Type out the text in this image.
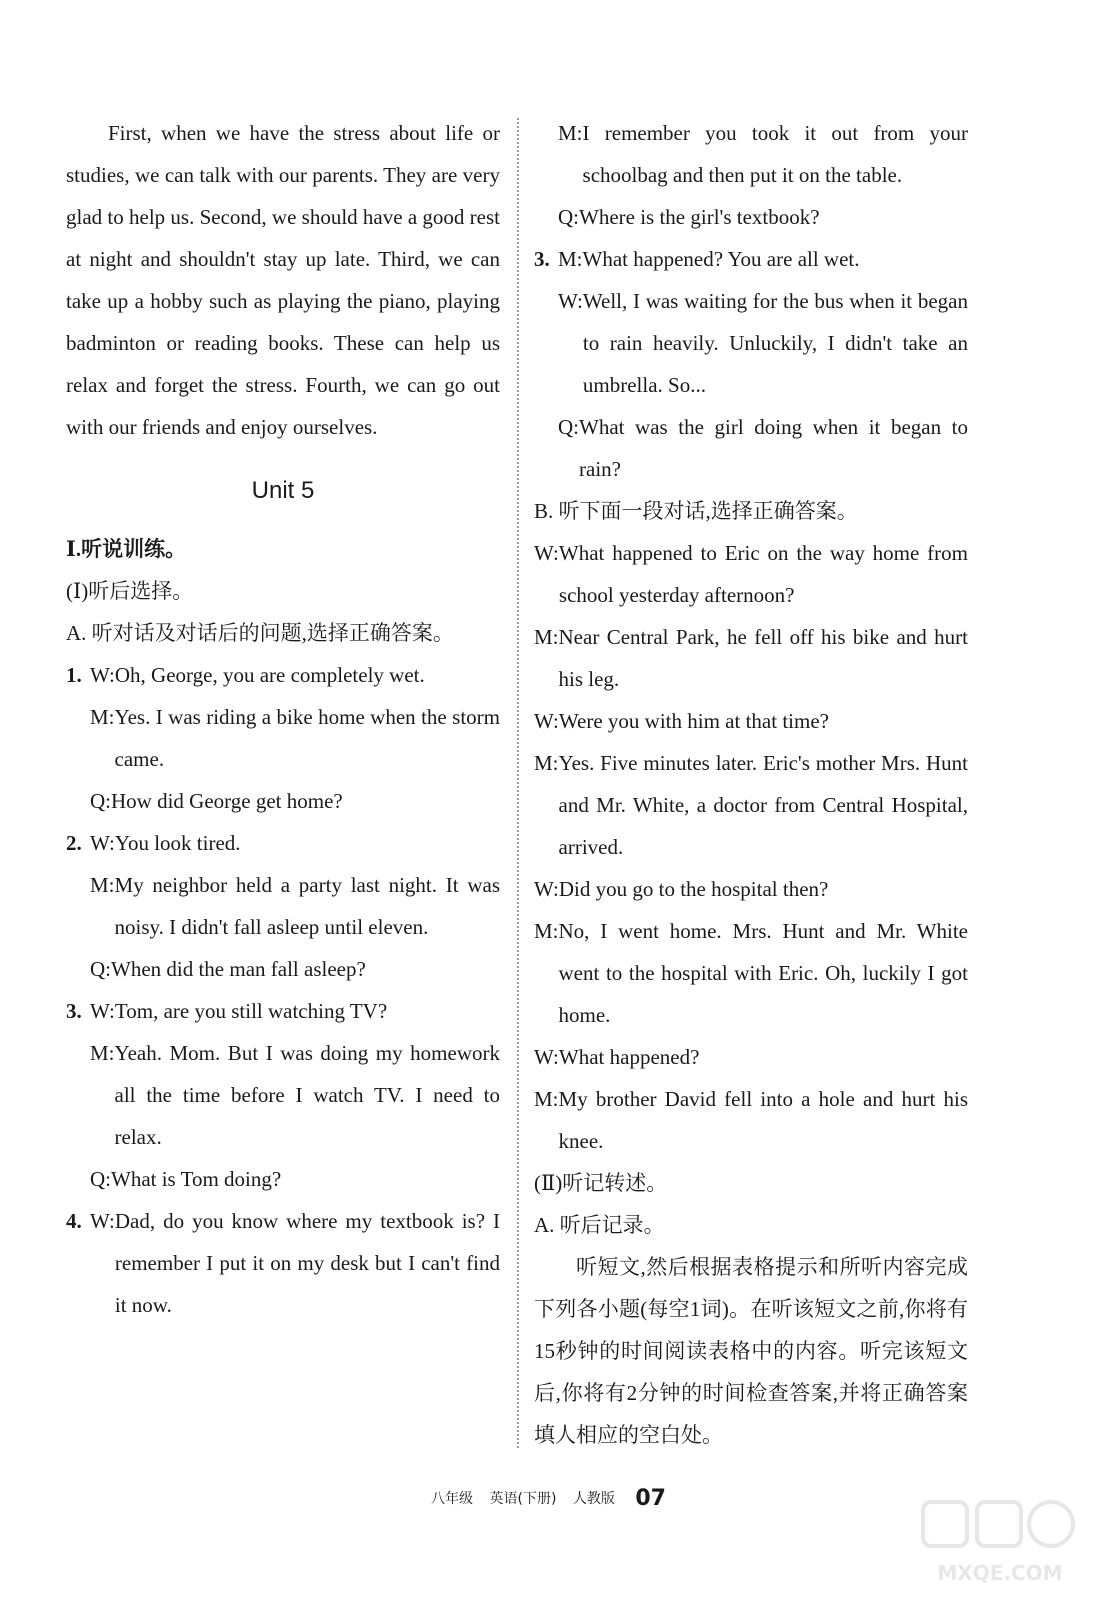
First, when we have the stress about life or studies, we can talk with our parents. They are very glad to help us. Second, we should have a good rest at night and shouldn't stay up late. Third, we can take up a hobby such as playing the piano, playing badminton or reading books. These can help us relax and forget the stress. Fourth, we can go out with our friends and enjoy ourselves.

Unit 5
Ⅰ.听说训练。
(Ⅰ)听后选择。
A. 听对话及对话后的问题,选择正确答案。
1. W: Oh, George, you are completely wet.
M: Yes. I was riding a bike home when the storm came.
Q: How did George get home?
2. W: You look tired.
M: My neighbor held a party last night. It was noisy. I didn't fall asleep until eleven.
Q: When did the man fall asleep?
3. W: Tom, are you still watching TV?
M: Yeah. Mom. But I was doing my homework all the time before I watch TV. I need to relax.
Q: What is Tom doing?
4. W: Dad, do you know where my textbook is? I remember I put it on my desk but I can't find it now.
M: I remember you took it out from your schoolbag and then put it on the table.
Q: Where is the girl's textbook?
3. M: What happened? You are all wet.
W: Well, I was waiting for the bus when it began to rain heavily. Unluckily, I didn't take an umbrella. So...
Q: What was the girl doing when it began to rain?
B. 听下面一段对话,选择正确答案。
W: What happened to Eric on the way home from school yesterday afternoon?
M: Near Central Park, he fell off his bike and hurt his leg.
W: Were you with him at that time?
M: Yes. Five minutes later. Eric's mother Mrs. Hunt and Mr. White, a doctor from Central Hospital, arrived.
W: Did you go to the hospital then?
M: No, I went home. Mrs. Hunt and Mr. White went to the hospital with Eric. Oh, luckily I got home.
W: What happened?
M: My brother David fell into a hole and hurt his knee.
(Ⅱ)听记转述。
A. 听后记录。

听短文,然后根据表格提示和所听内容完成下列各小题(每空1词)。在听该短文之前,你将有15秒钟的时间阅读表格中的内容。听完该短文后,你将有2分钟的时间检查答案,并将正确答案填人相应的空白处。

八年级 英语(下册) 人教版 07
MXQE.COM
